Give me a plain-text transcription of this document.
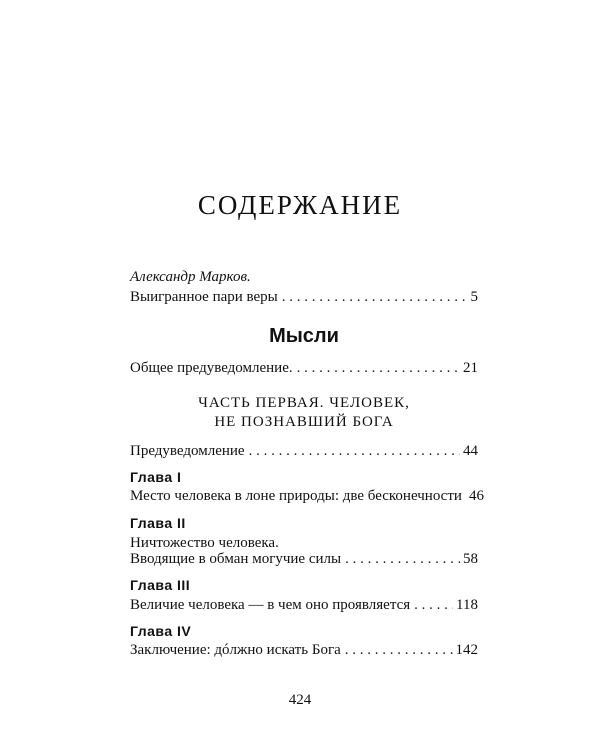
СОДЕРЖАНИЕ
Александр Марков.
Выигранное пари веры . . .	5
Мысли
Общее предуведомление. . . .	21
ЧАСТЬ ПЕРВАЯ. ЧЕЛОВЕК,
НЕ ПОЗНАВШИЙ БОГА
Предуведомление . . .	44
Глава I
Место человека в лоне природы: две бесконечности 46
Глава II
Ничтожество человека.
Вводящие в обман могучие силы . . .	58
Глава III
Величие человека — в чем оно проявляется . . .	118
Глава IV
Заключение: дóлжно искать Бога . . .	142
424
